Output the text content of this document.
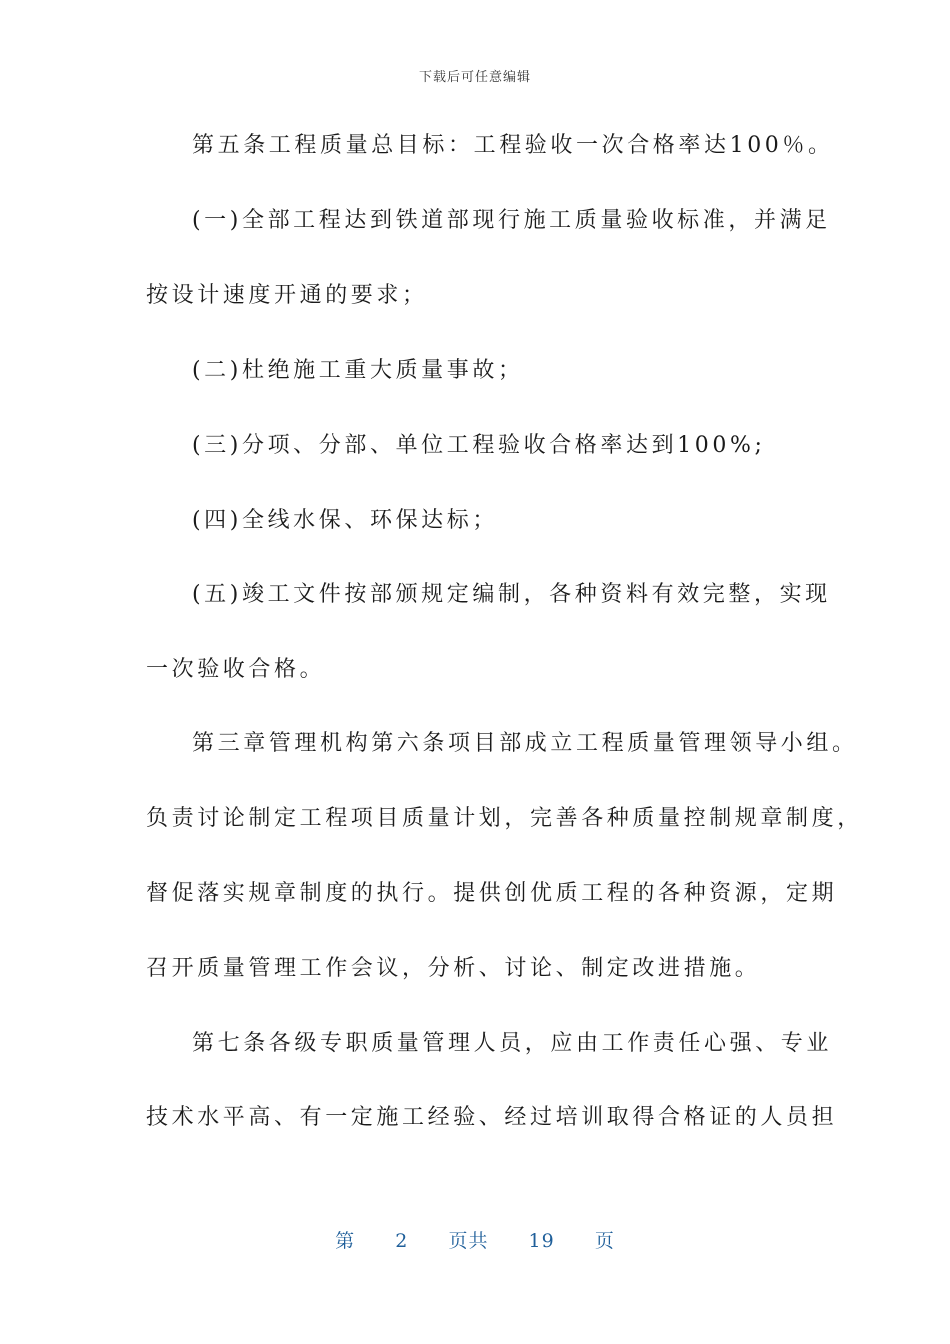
下载后可任意编辑
第五条工程质量总目标：工程验收一次合格率达100％。
(一)全部工程达到铁道部现行施工质量验收标准，并满足
按设计速度开通的要求；
(二)杜绝施工重大质量事故；
(三)分项、分部、单位工程验收合格率达到100%;
(四)全线水保、环保达标；
(五)竣工文件按部颁规定编制，各种资料有效完整，实现
一次验收合格。
第三章管理机构第六条项目部成立工程质量管理领导小组。
负责讨论制定工程项目质量计划，完善各种质量控制规章制度，
督促落实规章制度的执行。提供创优质工程的各种资源，定期
召开质量管理工作会议，分析、讨论、制定改进措施。
第七条各级专职质量管理人员，应由工作责任心强、专业
技术水平高、有一定施工经验、经过培训取得合格证的人员担
第 2 页共 19 页
